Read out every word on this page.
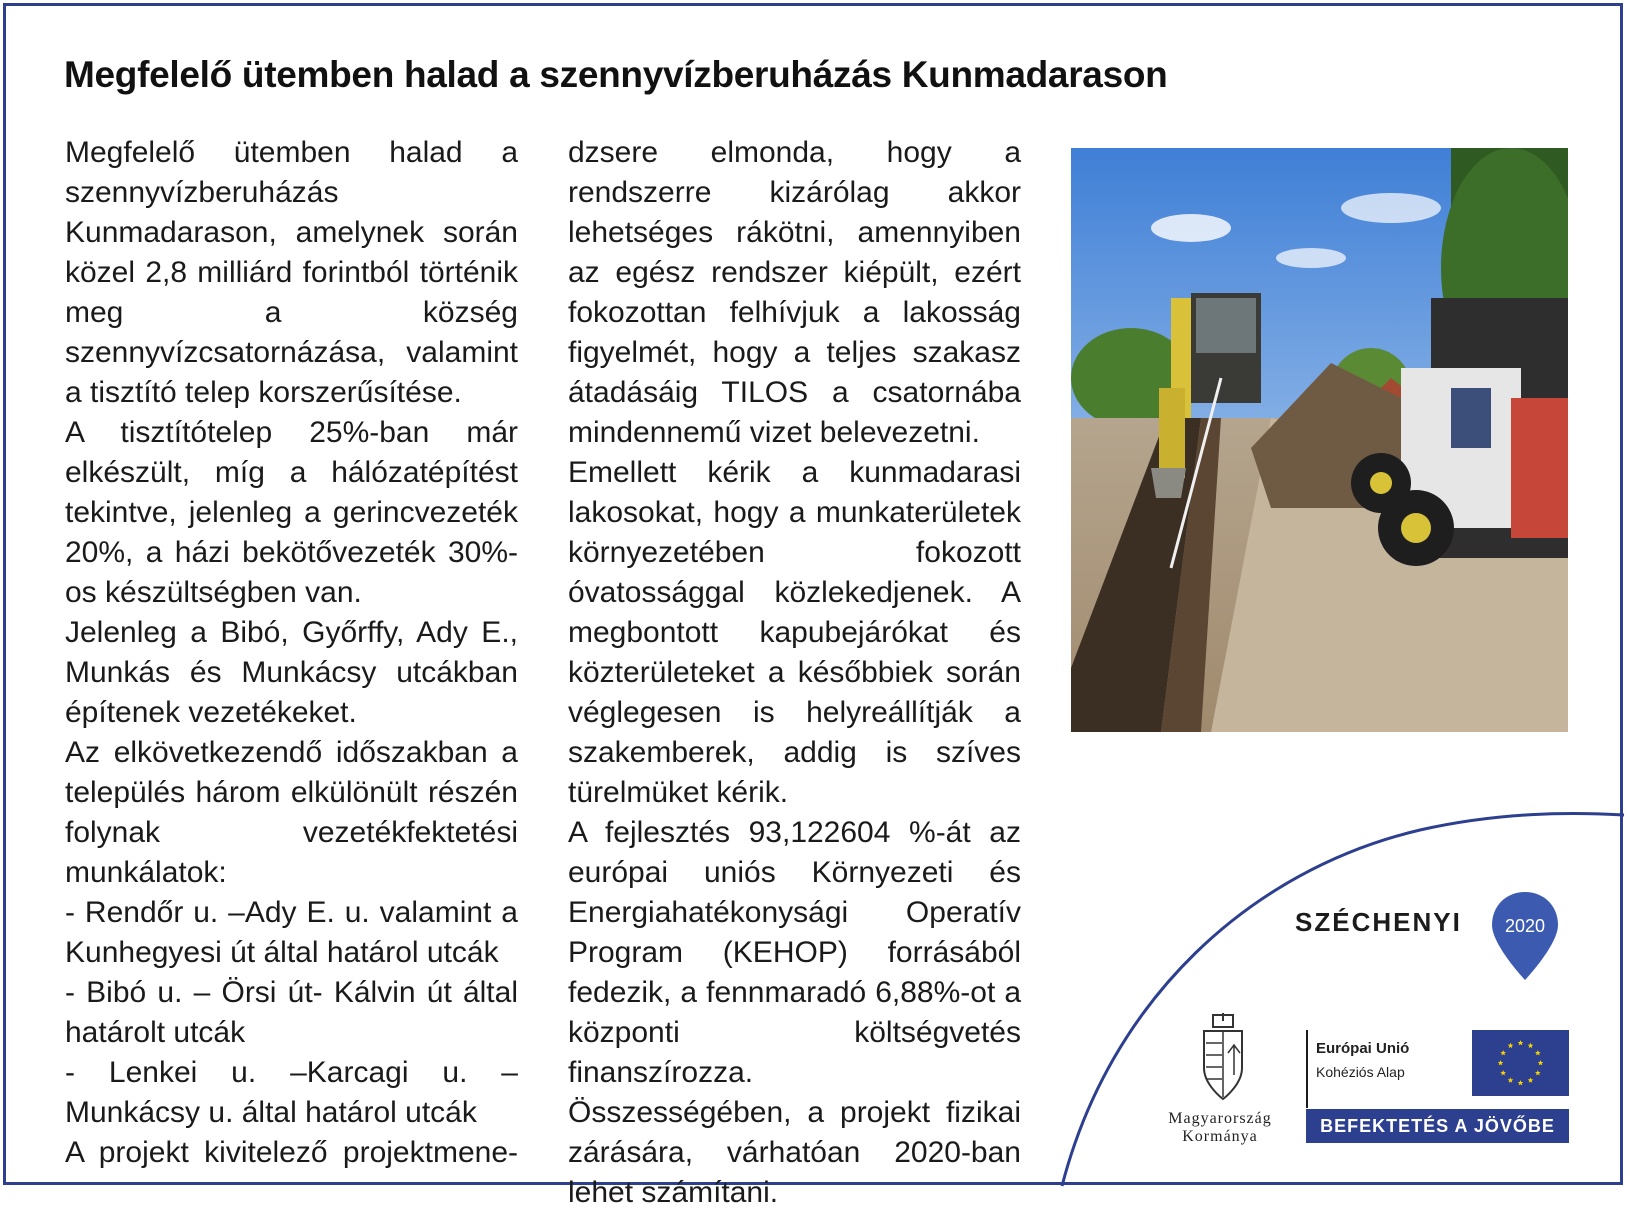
Megfelelő ütemben halad a szennyvízberuházás Kunmadarason

Megfelelő ütemben halad a szennyvízberuházás Kunmadarason, amelynek során közel 2,8 milliárd forintból történik meg a község szennyvízcsatornázása, valamint a tisztító telep korszerűsítése.

A tisztítótelep 25%-ban már elkészült, míg a hálózatépítést tekintve, jelenleg a gerincvezeték 20%, a házi bekötővezeték 30%-os készültségben van.

Jelenleg a Bibó, Győrffy, Ady E., Munkás és Munkácsy utcákban építenek vezetékeket.

Az elkövetkezendő időszakban a település három elkülönült részén folynak vezetékfektetési munkálatok:

- Rendőr u. –Ady E. u. valamint a Kunhegyesi út által határol utcák

- Bibó u. – Örsi út- Kálvin út által határolt utcák

- Lenkei u. –Karcagi u. – Munkácsy u. által határol utcák

A projekt kivitelező projektmene-

dzsere elmonda, hogy a rendszerre kizárólag akkor lehetséges rákötni, amennyiben az egész rendszer kiépült, ezért fokozottan felhívjuk a lakosság figyelmét, hogy a teljes szakasz átadásáig TILOS a csatornába mindennemű vizet belevezetni.

Emellett kérik a kunmadarasi lakosokat, hogy a munkaterületek környezetében fokozott óvatossággal közlekedjenek. A megbontott kapubejárókat és közterületeket a későbbiek során véglegesen is helyreállítják a szakemberek, addig is szíves türelmüket kérik.

A fejlesztés 93,122604 %-át az európai uniós Környezeti és Energiahatékonysági Operatív Program (KEHOP) forrásából fedezik, a fennmaradó 6,88%-ot a központi költségvetés finanszírozza.

Összességében, a projekt fizikai zárására, várhatóan 2020-ban lehet számítani.

SZÉCHENYI 2020
Magyarország
Kormánya
Európai Unió
Kohéziós Alap
BEFEKTETÉS A JÖVŐBE
